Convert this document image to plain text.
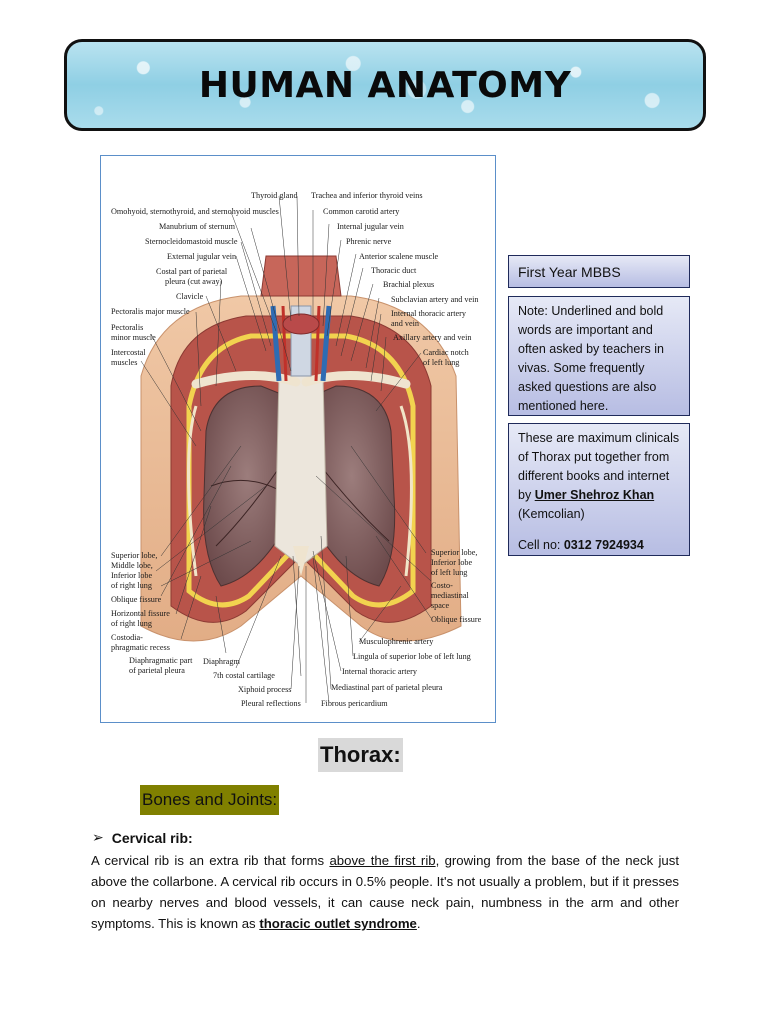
HUMAN ANATOMY
Thyroid gland
Omohyoid, sternothyroid, and sternohyoid muscles
Manubrium of sternum
Sternocleidomastoid muscle
External jugular vein
Costal part of parietal
pleura (cut away)
Clavicle
Pectoralis major muscle
Pectoralis
minor muscle
Intercostal
muscles
Superior lobe,
Middle lobe,
Inferior lobe
of right lung
Oblique fissure
Horizontal fissure
of right lung
Costodia-
phragmatic recess
Diaphragmatic part
of parietal pleura
Diaphragm
7th costal cartilage
Xiphoid process
Pleural reflections
Trachea and inferior thyroid veins
Common carotid artery
Internal jugular vein
Phrenic nerve
Anterior scalene muscle
Thoracic duct
Brachial plexus
Subclavian artery and vein
Internal thoracic artery
and vein
Axillary artery and vein
Cardiac notch
of left lung
Superior lobe,
Inferior lobe
of left lung
Costo-
mediastinal
space
Oblique fissure
Musculophrenic artery
Lingula of superior lobe of left lung
Internal thoracic artery
Mediastinal part of parietal pleura
Fibrous pericardium
First Year MBBS
Note: Underlined and bold words are important and often asked by teachers in vivas. Some frequently asked questions are also mentioned here.
These are maximum clinicals of Thorax put together from different books and internet by Umer Shehroz Khan
(Kemcolian)
Cell no: 0312 7924934
Thorax:
Bones and Joints:
➢ Cervical rib:
A cervical rib is an extra rib that forms above the first rib, growing from the base of the neck just above the collarbone. A cervical rib occurs in 0.5% people. It's not usually a problem, but if it presses on nearby nerves and blood vessels, it can cause neck pain, numbness in the arm and other symptoms. This is known as thoracic outlet syndrome.
